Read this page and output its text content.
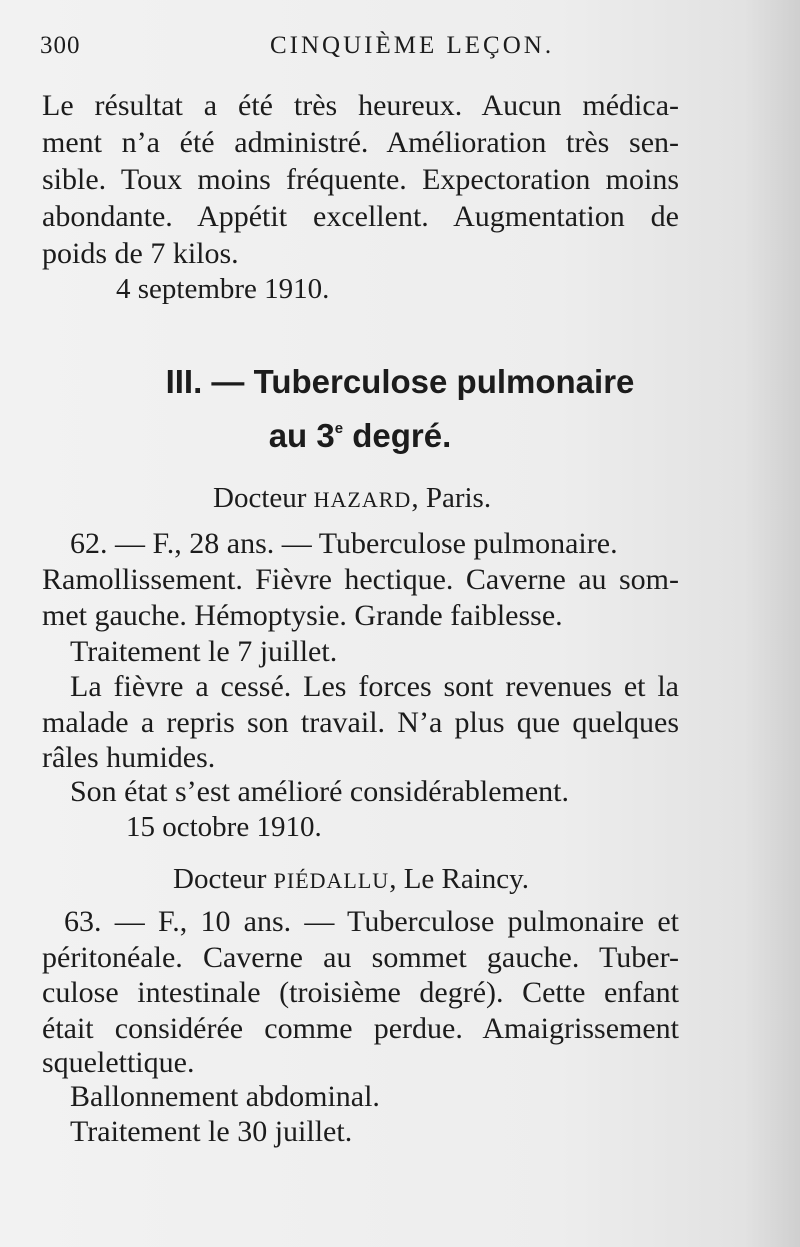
300	CINQUIÈME LEÇON.
Le résultat a été très heureux. Aucun médica-
ment n’a été administré. Amélioration très sen-
sible. Toux moins fréquente. Expectoration moins
abondante. Appétit excellent. Augmentation de
poids de 7 kilos.
4 septembre 1910.
III. — Tuberculose pulmonaire
au 3e degré.
Docteur HAZARD, Paris.
62. — F., 28 ans. — Tuberculose pulmonaire.
Ramollissement. Fièvre hectique. Caverne au som-
met gauche. Hémoptysie. Grande faiblesse.
Traitement le 7 juillet.
La fièvre a cessé. Les forces sont revenues et la
malade a repris son travail. N’a plus que quelques
râles humides.
Son état s’est amélioré considérablement.
15 octobre 1910.
Docteur PIÉDALLU, Le Raincy.
63. — F., 10 ans. — Tuberculose pulmonaire et
péritonéale. Caverne au sommet gauche. Tuber-
culose intestinale (troisième degré). Cette enfant
était considérée comme perdue. Amaigrissement
squelettique.
Ballonnement abdominal.
Traitement le 30 juillet.
